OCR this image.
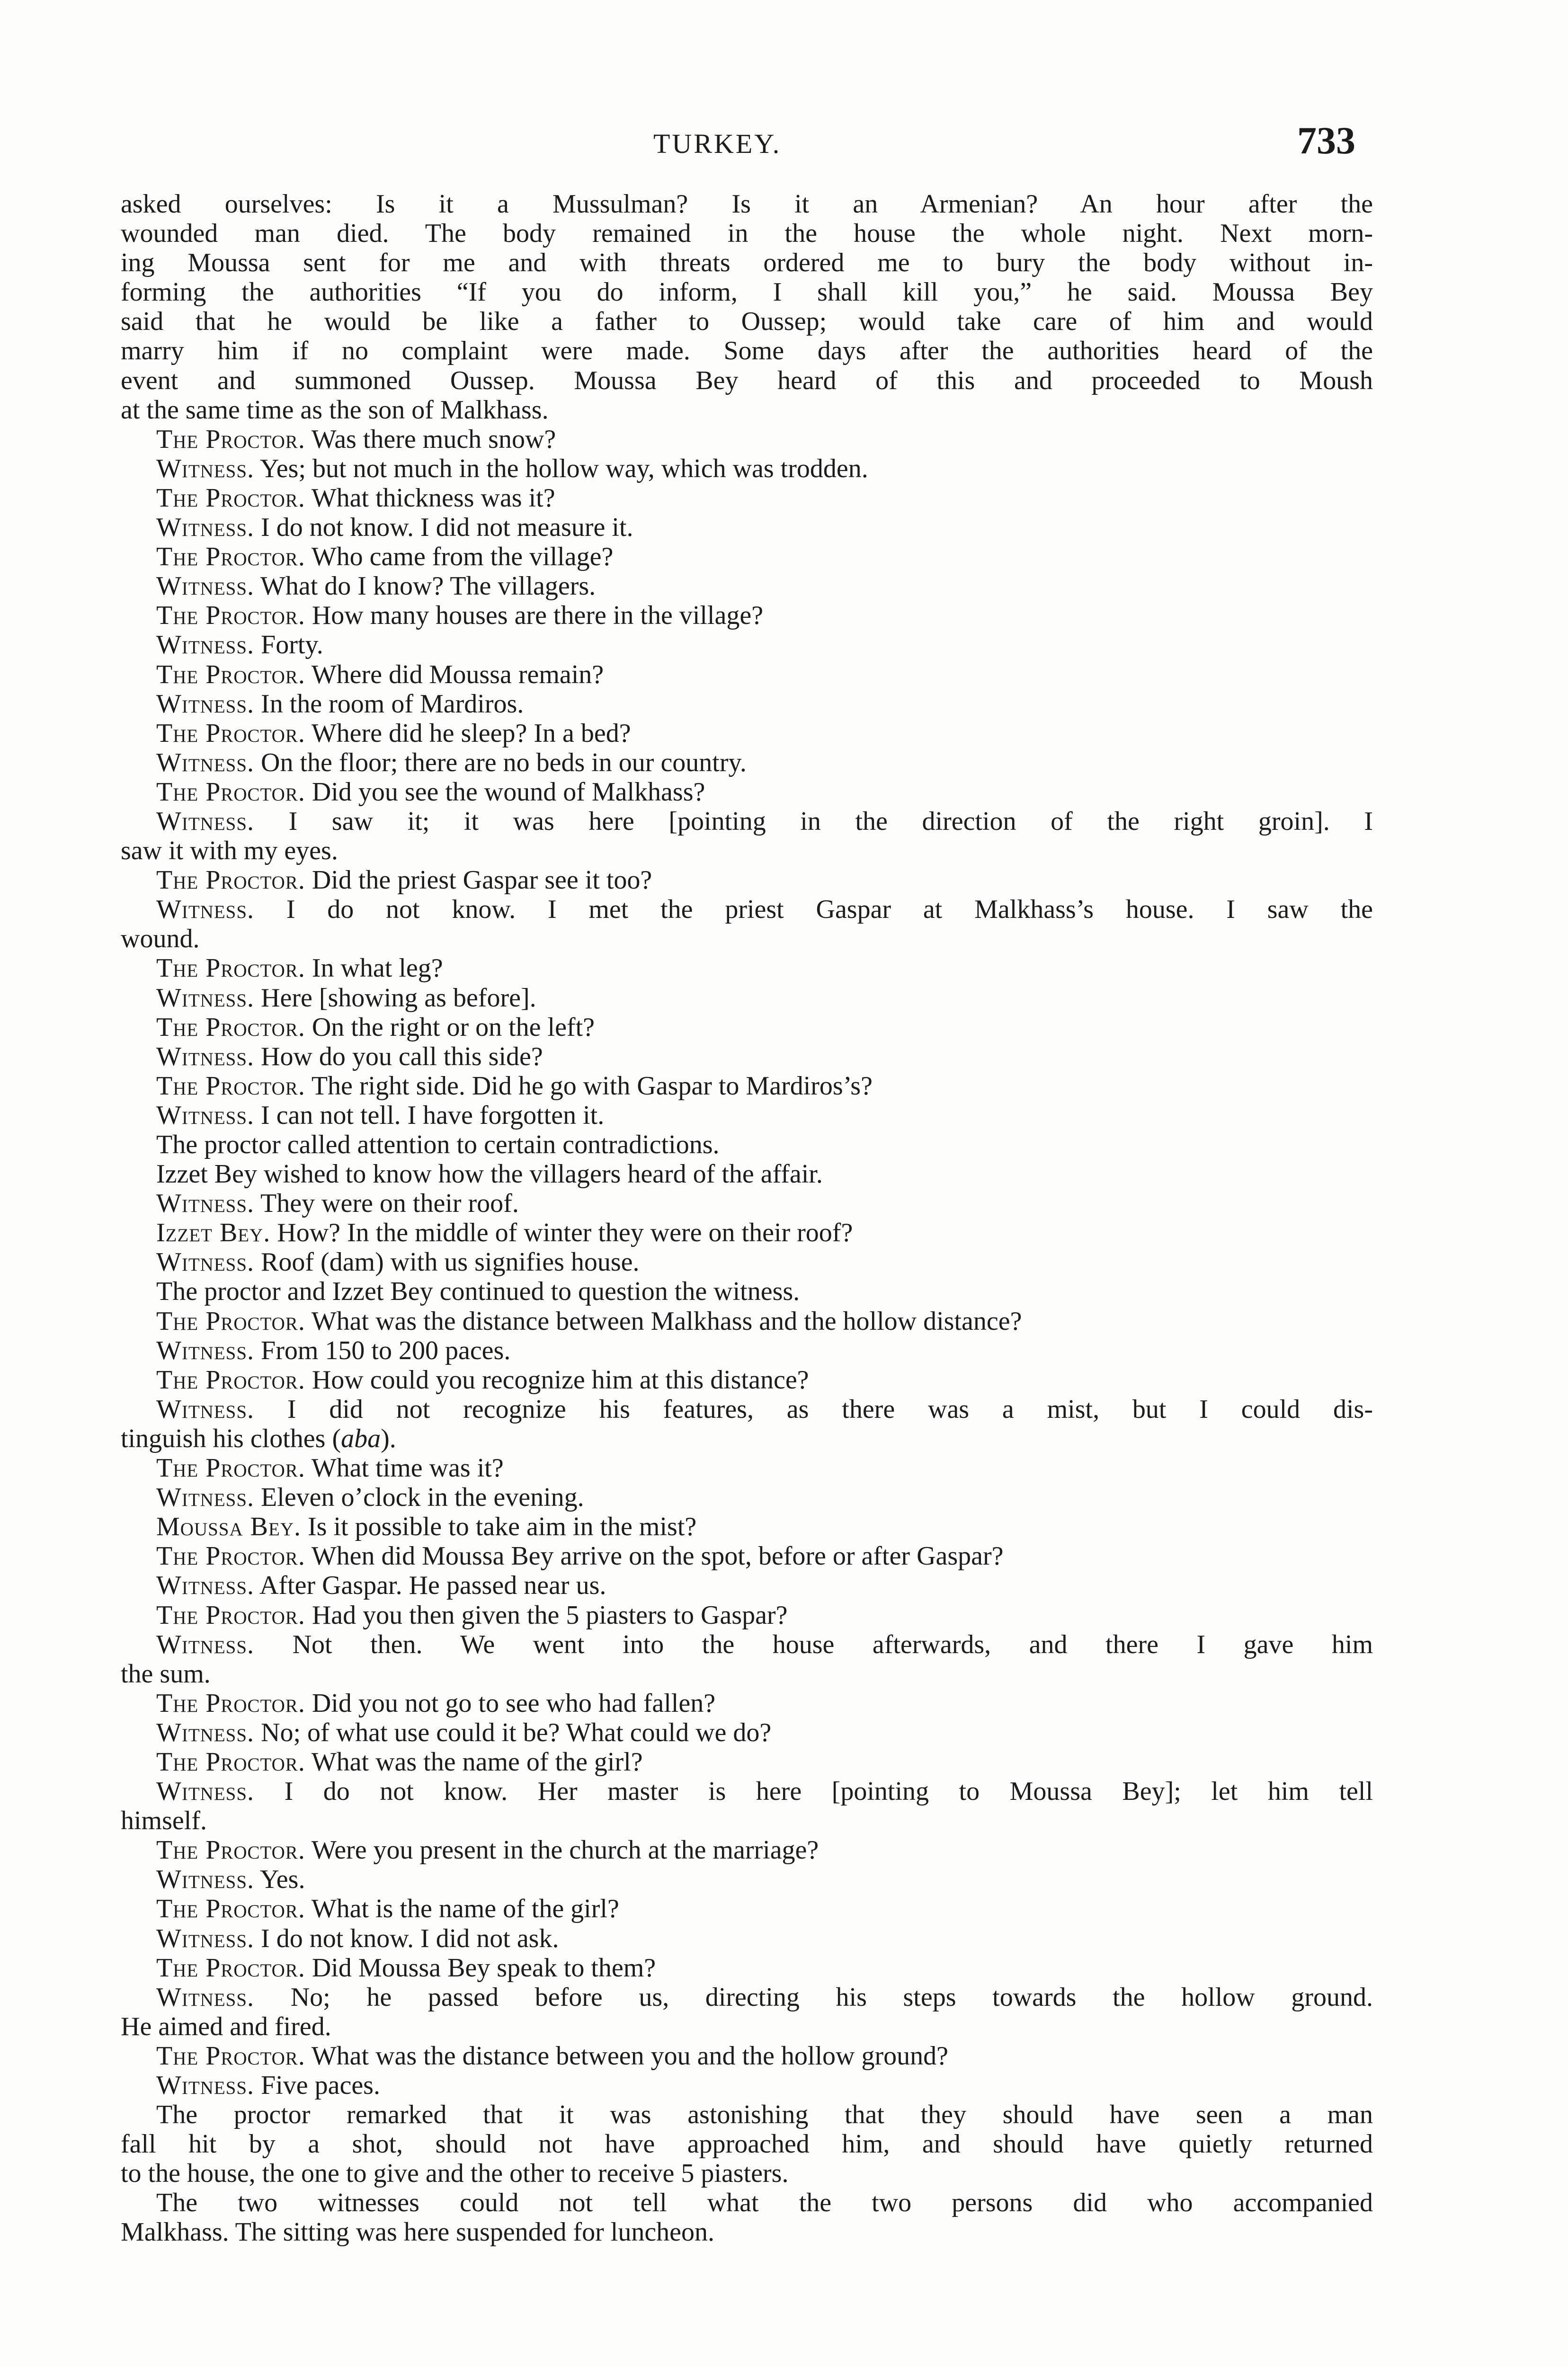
TURKEY.	733
asked ourselves: Is it a Mussulman? Is it an Armenian? An hour after the
wounded man died. The body remained in the house the whole night. Next morn-
ing Moussa sent for me and with threats ordered me to bury the body without in-
forming the authorities “If you do inform, I shall kill you,” he said. Moussa Bey
said that he would be like a father to Oussep; would take care of him and would
marry him if no complaint were made. Some days after the authorities heard of the
event and summoned Oussep. Moussa Bey heard of this and proceeded to Moush
at the same time as the son of Malkhass.
The Proctor. Was there much snow?
Witness. Yes; but not much in the hollow way, which was trodden.
The Proctor. What thickness was it?
Witness. I do not know. I did not measure it.
The Proctor. Who came from the village?
Witness. What do I know? The villagers.
The Proctor. How many houses are there in the village?
Witness. Forty.
The Proctor. Where did Moussa remain?
Witness. In the room of Mardiros.
The Proctor. Where did he sleep? In a bed?
Witness. On the floor; there are no beds in our country.
The Proctor. Did you see the wound of Malkhass?
Witness. I saw it; it was here [pointing in the direction of the right groin]. I
saw it with my eyes.
The Proctor. Did the priest Gaspar see it too?
Witness. I do not know. I met the priest Gaspar at Malkhass’s house. I saw the
wound.
The Proctor. In what leg?
Witness. Here [showing as before].
The Proctor. On the right or on the left?
Witness. How do you call this side?
The Proctor. The right side. Did he go with Gaspar to Mardiros’s?
Witness. I can not tell. I have forgotten it.
The proctor called attention to certain contradictions.
Izzet Bey wished to know how the villagers heard of the affair.
Witness. They were on their roof.
Izzet Bey. How? In the middle of winter they were on their roof?
Witness. Roof (dam) with us signifies house.
The proctor and Izzet Bey continued to question the witness.
The Proctor. What was the distance between Malkhass and the hollow distance?
Witness. From 150 to 200 paces.
The Proctor. How could you recognize him at this distance?
Witness. I did not recognize his features, as there was a mist, but I could dis-
tinguish his clothes (aba).
The Proctor. What time was it?
Witness. Eleven o’clock in the evening.
Moussa Bey. Is it possible to take aim in the mist?
The Proctor. When did Moussa Bey arrive on the spot, before or after Gaspar?
Witness. After Gaspar. He passed near us.
The Proctor. Had you then given the 5 piasters to Gaspar?
Witness. Not then. We went into the house afterwards, and there I gave him
the sum.
The Proctor. Did you not go to see who had fallen?
Witness. No; of what use could it be? What could we do?
The Proctor. What was the name of the girl?
Witness. I do not know. Her master is here [pointing to Moussa Bey]; let him tell
himself.
The Proctor. Were you present in the church at the marriage?
Witness. Yes.
The Proctor. What is the name of the girl?
Witness. I do not know. I did not ask.
The Proctor. Did Moussa Bey speak to them?
Witness. No; he passed before us, directing his steps towards the hollow ground.
He aimed and fired.
The Proctor. What was the distance between you and the hollow ground?
Witness. Five paces.
The proctor remarked that it was astonishing that they should have seen a man
fall hit by a shot, should not have approached him, and should have quietly returned
to the house, the one to give and the other to receive 5 piasters.
The two witnesses could not tell what the two persons did who accompanied
Malkhass. The sitting was here suspended for luncheon.
